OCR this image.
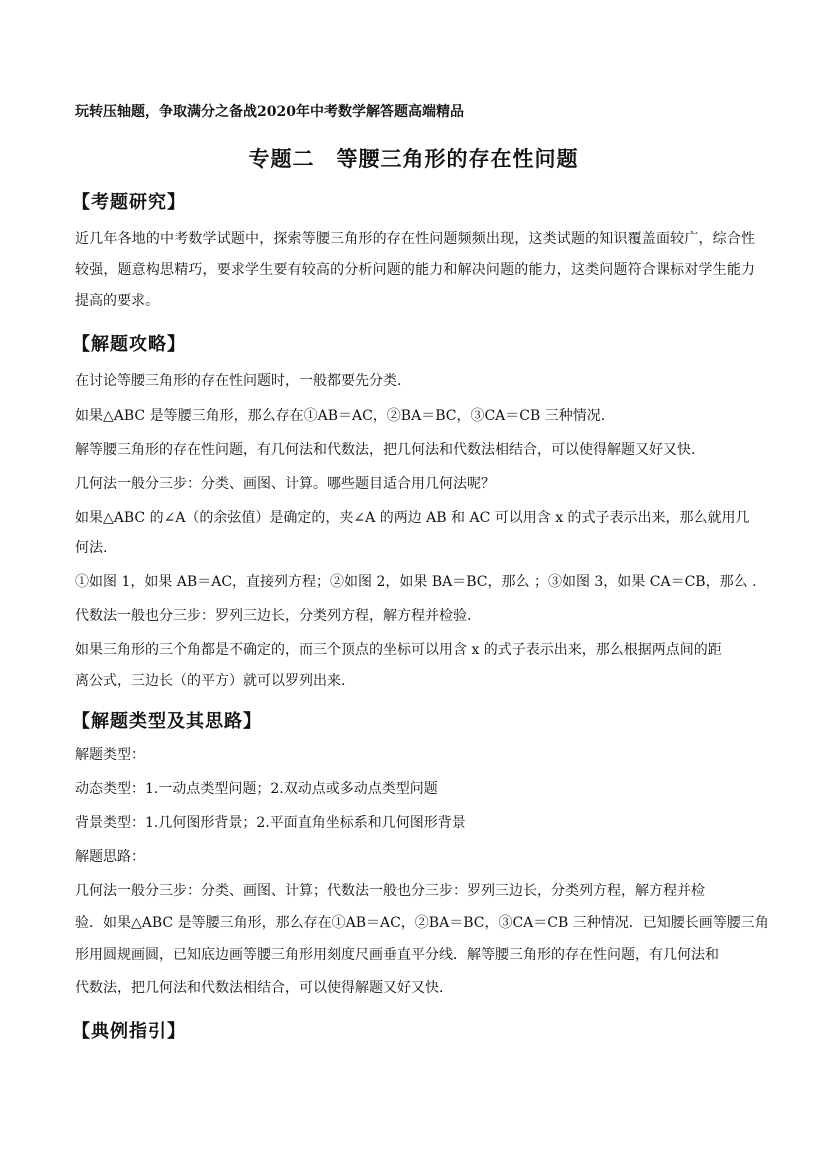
玩转压轴题，争取满分之备战2020年中考数学解答题高端精品
专题二　等腰三角形的存在性问题
【考题研究】
近几年各地的中考数学试题中，探索等腰三角形的存在性问题频频出现，这类试题的知识覆盖面较广，综合性较强，题意构思精巧，要求学生要有较高的分析问题的能力和解决问题的能力，这类问题符合课标对学生能力提高的要求。
【解题攻略】
在讨论等腰三角形的存在性问题时，一般都要先分类.
如果△ABC 是等腰三角形，那么存在①AB＝AC，②BA＝BC，③CA＝CB 三种情况.
解等腰三角形的存在性问题，有几何法和代数法，把几何法和代数法相结合，可以使得解题又好又快.
几何法一般分三步：分类、画图、计算。哪些题目适合用几何法呢？
如果△ABC 的∠A（的余弦值）是确定的，夹∠A 的两边 AB 和 AC 可以用含 x 的式子表示出来，那么就用几
何法.
①如图 1，如果 AB＝AC，直接列方程；②如图 2，如果 BA＝BC，那么 ；③如图 3，如果 CA＝CB，那么 .
代数法一般也分三步：罗列三边长，分类列方程，解方程并检验.
如果三角形的三个角都是不确定的，而三个顶点的坐标可以用含 x 的式子表示出来，那么根据两点间的距
离公式，三边长（的平方）就可以罗列出来.
【解题类型及其思路】
解题类型：
动态类型：1.一动点类型问题；2.双动点或多动点类型问题
背景类型：1.几何图形背景；2.平面直角坐标系和几何图形背景
解题思路：
几何法一般分三步：分类、画图、计算；代数法一般也分三步：罗列三边长，分类列方程，解方程并检
验．如果△ABC 是等腰三角形，那么存在①AB＝AC，②BA＝BC，③CA＝CB 三种情况．已知腰长画等腰三角
形用圆规画圆，已知底边画等腰三角形用刻度尺画垂直平分线．解等腰三角形的存在性问题，有几何法和
代数法，把几何法和代数法相结合，可以使得解题又好又快．
【典例指引】
